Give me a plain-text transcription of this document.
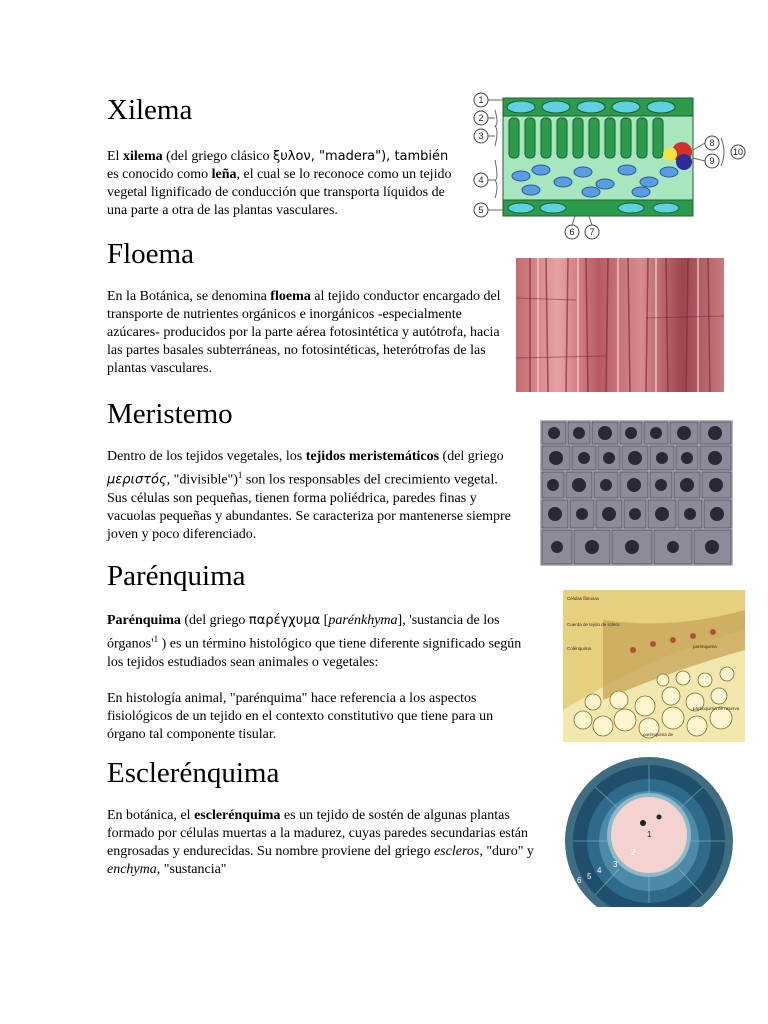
Xilema

El xilema (del griego clásico ξυλον, "madera"), también es conocido como leña, el cual se lo reconoce como un tejido vegetal lignificado de conducción que transporta líquidos de una parte a otra de las plantas vasculares.

1
2
3
4
5
6 7
8
9
10
Floema

En la Botánica, se denomina floema al tejido conductor encargado del transporte de nutrientes orgánicos e inorgánicos -especialmente azúcares- producidos por la parte aérea fotosintética y autótrofa, hacia las partes basales subterráneas, no fotosintéticas, heterótrofas de las plantas vasculares.

Meristemo

Dentro de los tejidos vegetales, los tejidos meristemáticos (del griego μεριστός, "divisible")$^1$ son los responsables del crecimiento vegetal. Sus células son pequeñas, tienen forma poliédrica, paredes finas y vacuolas pequeñas y abundantes. Se caracteriza por mantenerse siempre joven y poco diferenciado.

Parénquima

Parénquima (del griego παρέγχυμα [parénkhyma], 'sustancia de los $órganos'^1$ ) es un término histológico que tiene diferente significado según los tejidos estudiados sean animales o vegetales:

En histología animal, "parénquima" hace referencia a los aspectos fisiológicos de un tejido en el contexto constitutivo que tiene para un órgano tal componente tisular.

Células fibrosas
Cuerda de tejido de sclero
parénquima
Colénquima
parénquima de reserva
parénquima de
Esclerénquima

En botánica, el esclerénquima es un tejido de sostén de algunas plantas formado por células muertas a la madurez, cuyas paredes secundarias están engrosadas y endurecidas. Su nombre proviene del griego escleros, "duro" y enchyma, "sustancia"

1
2
3
4
5
6
7
